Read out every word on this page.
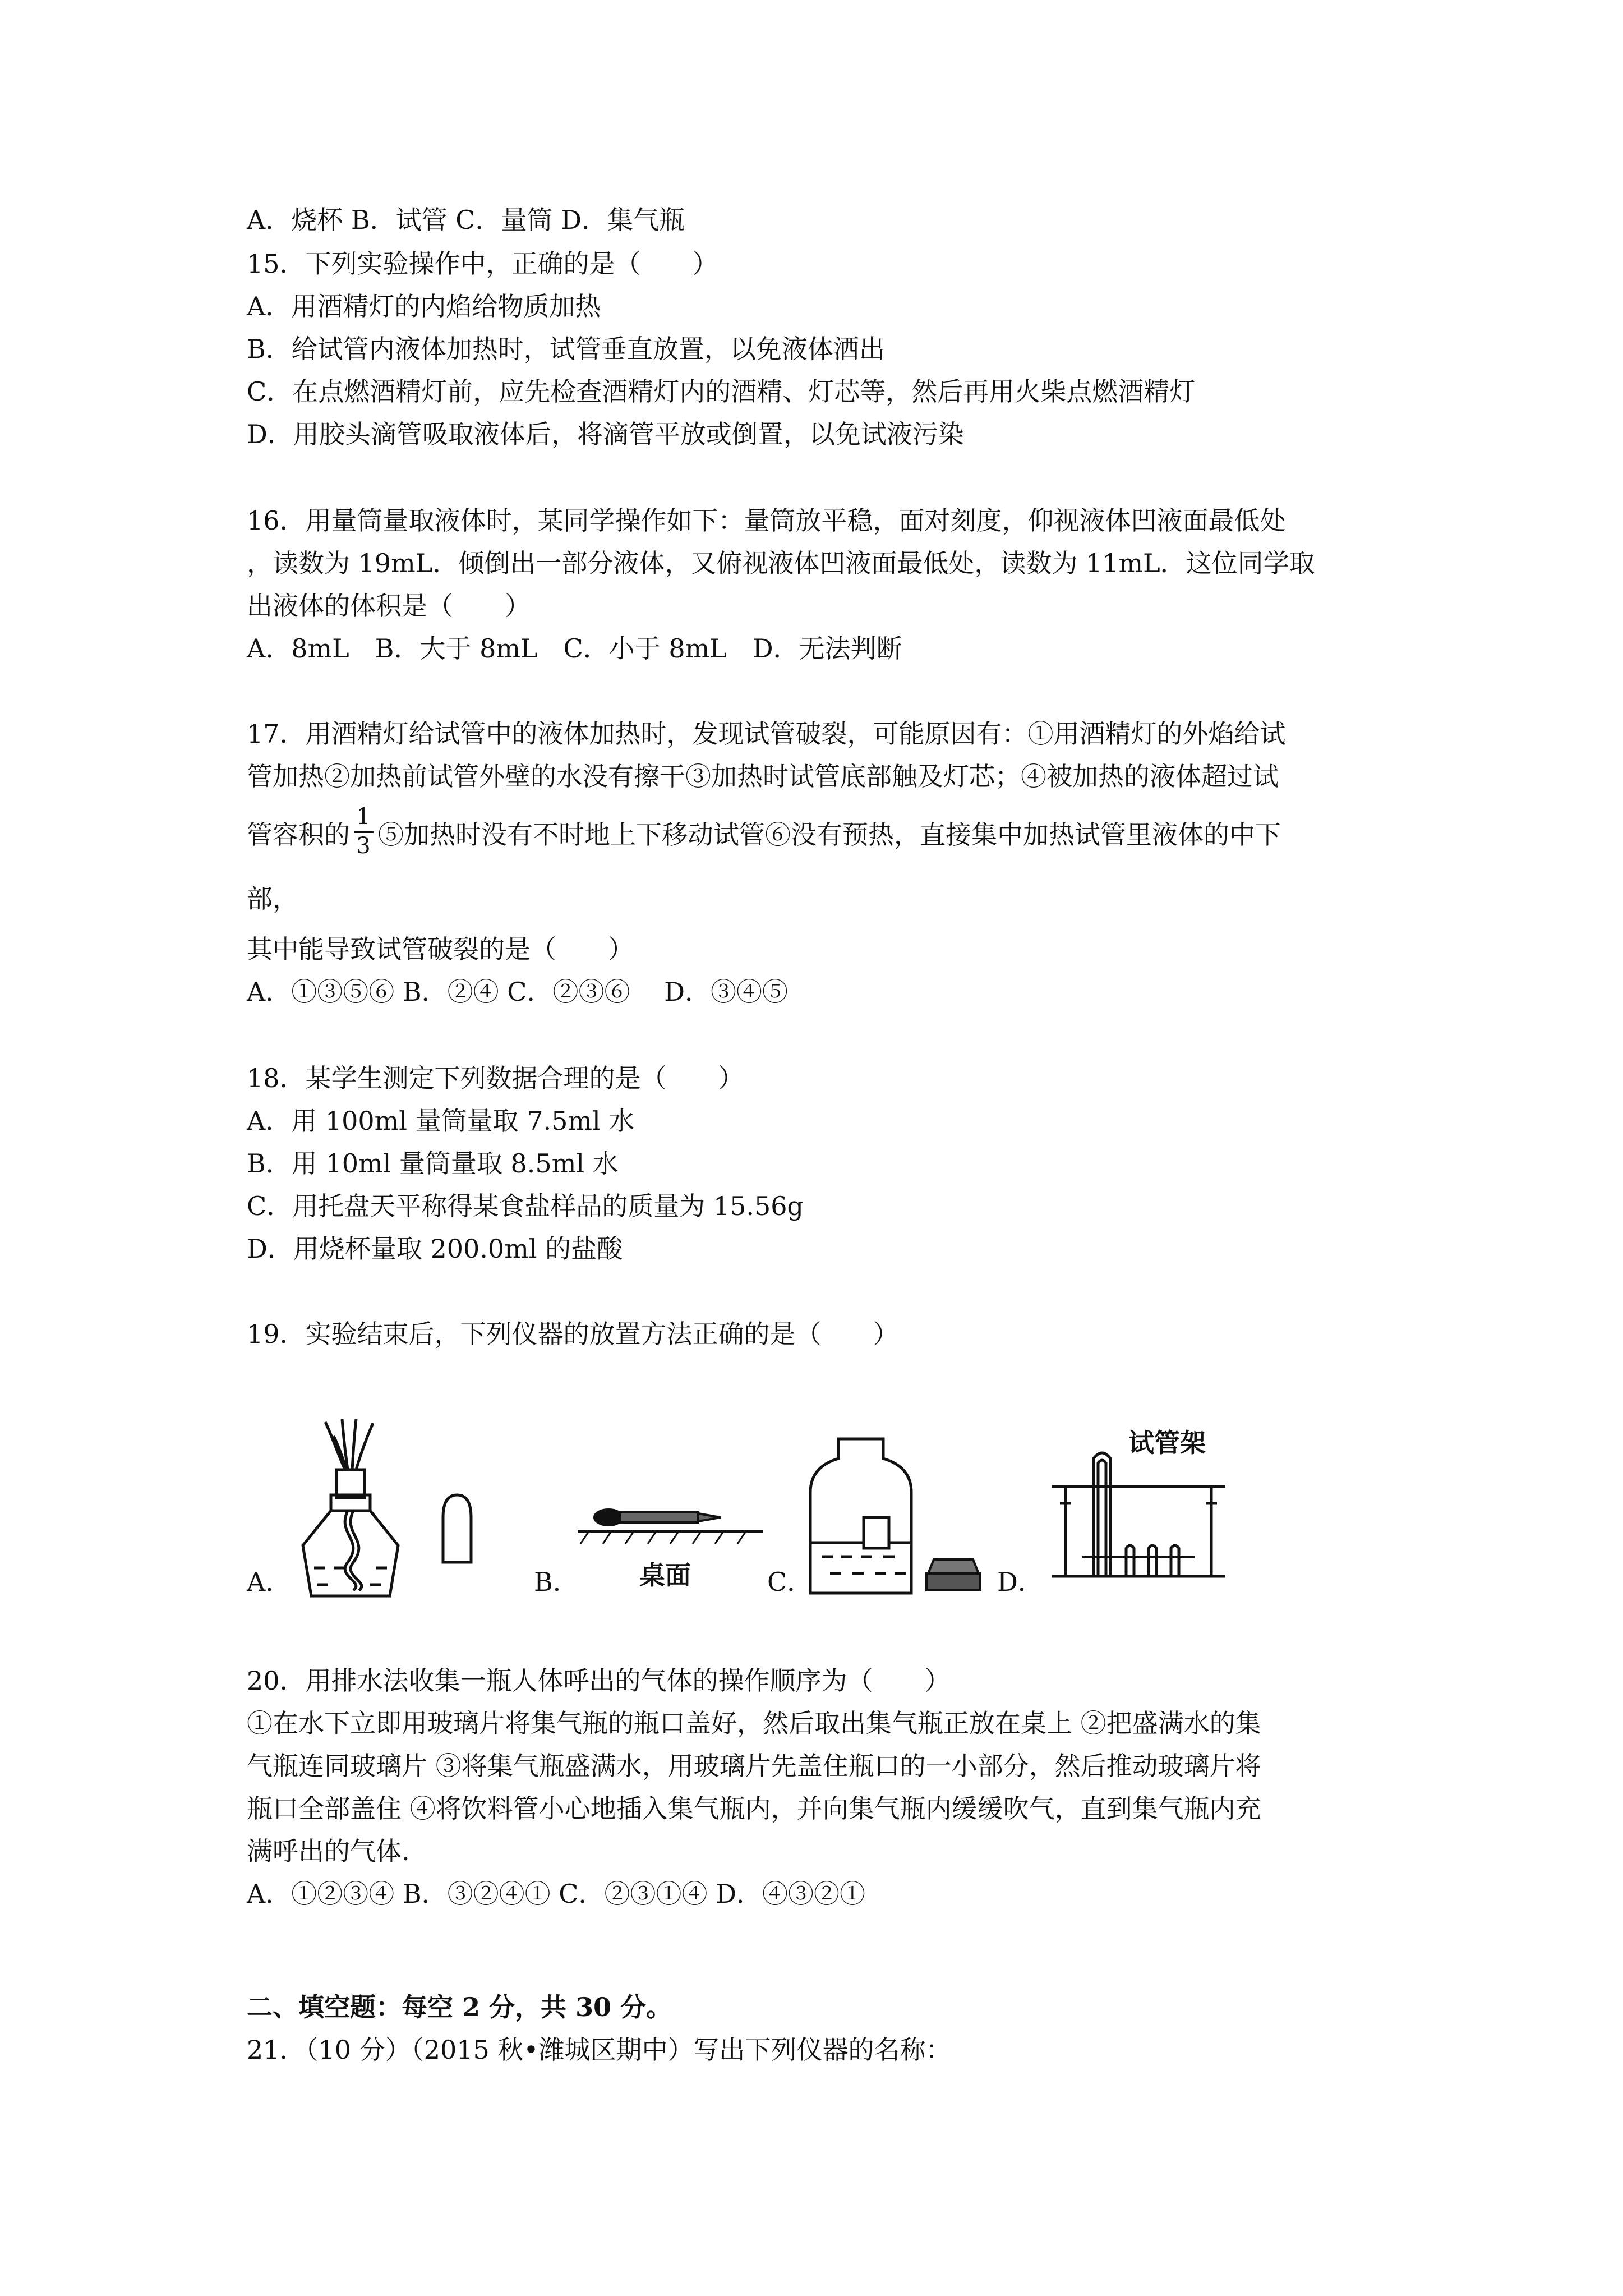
A．烧杯 B．试管 C．量筒 D．集气瓶
15．下列实验操作中，正确的是（　　）
A．用酒精灯的内焰给物质加热
B．给试管内液体加热时，试管垂直放置，以免液体洒出
C．在点燃酒精灯前，应先检查酒精灯内的酒精、灯芯等，然后再用火柴点燃酒精灯
D．用胶头滴管吸取液体后，将滴管平放或倒置，以免试液污染
16．用量筒量取液体时，某同学操作如下：量筒放平稳，面对刻度，仰视液体凹液面最低处
，读数为 19mL．倾倒出一部分液体，又俯视液体凹液面最低处，读数为 11mL．这位同学取
出液体的体积是（　　）
A．8mL　B．大于 8mL　C．小于 8mL　D．无法判断
17．用酒精灯给试管中的液体加热时，发现试管破裂，可能原因有：①用酒精灯的外焰给试
管加热②加热前试管外壁的水没有擦干③加热时试管底部触及灯芯；④被加热的液体超过试
管容积的 $\frac{1}{3}$ ⑤加热时没有不时地上下移动试管⑥没有预热，直接集中加热试管里液体的中下
部，
其中能导致试管破裂的是（　　）
A．①③⑤⑥ B．②④ C．②③⑥　 D．③④⑤
18．某学生测定下列数据合理的是（　　）
A．用 100ml 量筒量取 7.5ml 水
B．用 10ml 量筒量取 8.5ml 水
C．用托盘天平称得某食盐样品的质量为 15.56g
D．用烧杯量取 200.0ml 的盐酸
19．实验结束后，下列仪器的放置方法正确的是（　　）
A．	B． 桌面	C．	D．
试管架
20．用排水法收集一瓶人体呼出的气体的操作顺序为（　　）
①在水下立即用玻璃片将集气瓶的瓶口盖好，然后取出集气瓶正放在桌上 ②把盛满水的集
气瓶连同玻璃片 ③将集气瓶盛满水，用玻璃片先盖住瓶口的一小部分，然后推动玻璃片将
瓶口全部盖住 ④将饮料管小心地插入集气瓶内，并向集气瓶内缓缓吹气，直到集气瓶内充
满呼出的气体.
A．①②③④ B．③②④① C．②③①④ D．④③②①
二、填空题：每空 2 分，共 30 分。
21．（10 分）（2015 秋•潍城区期中）写出下列仪器的名称：
